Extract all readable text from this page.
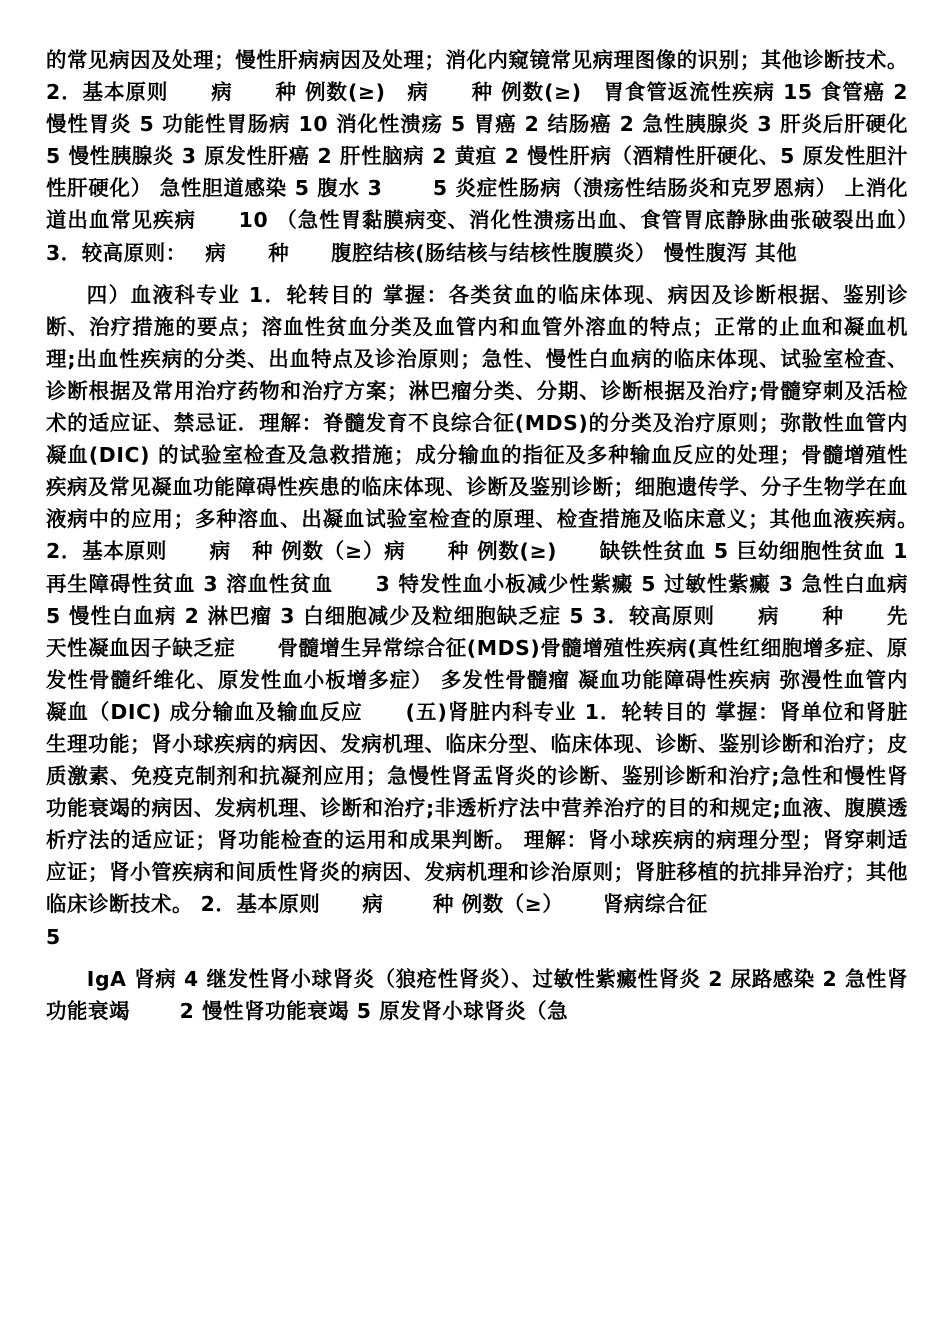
的常见病因及处理；慢性肝病病因及处理；消化内窥镜常见病理图像的识别；其他诊断技术。 2．基本原则　　病　　种 例数(≥)　病　　种 例数(≥)　胃食管返流性疾病 15 食管癌 2 慢性胃炎 5 功能性胃肠病 10 消化性溃疡 5 胃癌 2 结肠癌 2 急性胰腺炎 3 肝炎后肝硬化 5 慢性胰腺炎 3 原发性肝癌 2 肝性脑病 2 黄疸 2 慢性肝病（酒精性肝硬化、5 原发性胆汁性肝硬化） 急性胆道感染 5 腹水 3　　 5 炎症性肠病（溃疡性结肠炎和克罗恩病） 上消化道出血常见疾病　　10 （急性胃黏膜病变、消化性溃疡出血、食管胃底静脉曲张破裂出血）　 3．较高原则：　 病　　种　　腹腔结核(肠结核与结核性腹膜炎） 慢性腹泻 其他

四）血液科专业 1．轮转目的 掌握：各类贫血的临床体现、病因及诊断根据、鉴别诊断、治疗措施的要点；溶血性贫血分类及血管内和血管外溶血的特点；正常的止血和凝血机理;出血性疾病的分类、出血特点及诊治原则；急性、慢性白血病的临床体现、试验室检查、诊断根据及常用治疗药物和治疗方案；淋巴瘤分类、分期、诊断根据及治疗;骨髓穿刺及活检术的适应证、禁忌证．理解：脊髓发育不良综合征(MDS)的分类及治疗原则；弥散性血管内凝血(DIC) 的试验室检查及急救措施；成分输血的指征及多种输血反应的处理；骨髓增殖性疾病及常见凝血功能障碍性疾患的临床体现、诊断及鉴别诊断；细胞遗传学、分子生物学在血液病中的应用；多种溶血、出凝血试验室检查的原理、检查措施及临床意义；其他血液疾病。　　2．基本原则　　病　种 例数（≥）病　　种 例数(≥)　　缺铁性贫血 5 巨幼细胞性贫血 1 再生障碍性贫血 3 溶血性贫血　　3 特发性血小板减少性紫癜 5 过敏性紫癜 3 急性白血病 5 慢性白血病 2 淋巴瘤 3 白细胞减少及粒细胞缺乏症 5 3．较高原则　　病　　种　　先天性凝血因子缺乏症　　骨髓增生异常综合征(MDS)骨髓增殖性疾病(真性红细胞增多症、原发性骨髓纤维化、原发性血小板增多症） 多发性骨髓瘤 凝血功能障碍性疾病 弥漫性血管内凝血（DIC) 成分输血及输血反应　　(五)肾脏内科专业 1．轮转目的 掌握：肾单位和肾脏生理功能；肾小球疾病的病因、发病机理、临床分型、临床体现、诊断、鉴别诊断和治疗；皮质激素、免疫克制剂和抗凝剂应用；急慢性肾盂肾炎的诊断、鉴别诊断和治疗;急性和慢性肾功能衰竭的病因、发病机理、诊断和治疗;非透析疗法中营养治疗的目的和规定;血液、腹膜透析疗法的适应证；肾功能检查的运用和成果判断。 理解：肾小球疾病的病理分型；肾穿刺适应证；肾小管疾病和间质性肾炎的病因、发病机理和诊治原则；肾脏移植的抗排异治疗；其他临床诊断技术。 2．基本原则　　病　　 种 例数（≥）　　 肾病综合征

5

IgA 肾病 4 继发性肾小球肾炎（狼疮性肾炎）、过敏性紫癜性肾炎 2 尿路感染 2 急性肾功能衰竭　　 2 慢性肾功能衰竭 5 原发肾小球肾炎（急
